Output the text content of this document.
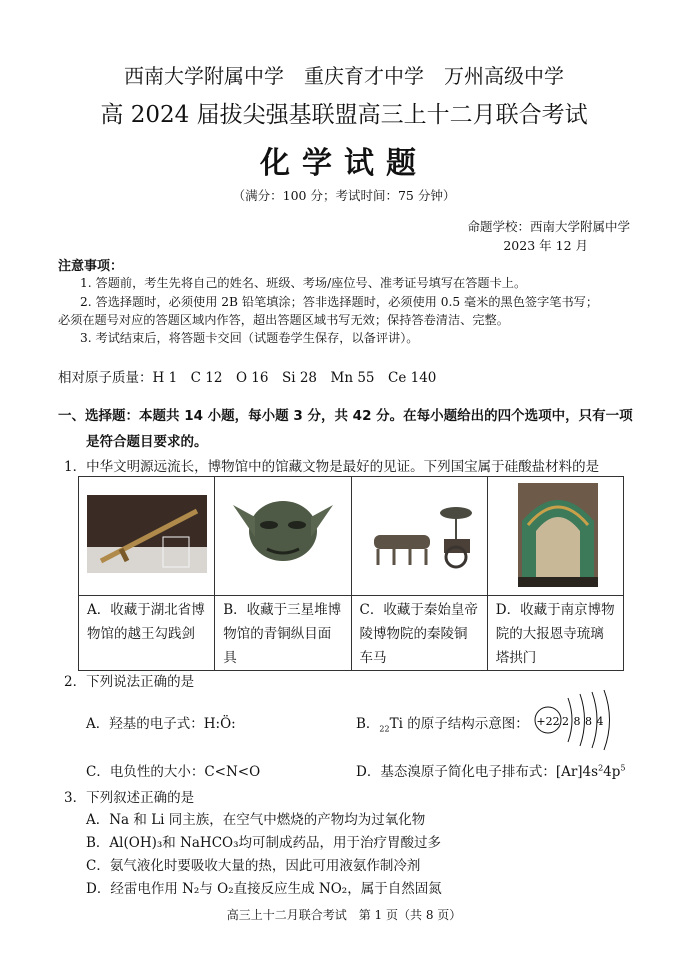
西南大学附属中学　重庆育才中学　万州高级中学
高 2024 届拔尖强基联盟高三上十二月联合考试
化学试题
（满分：100 分；考试时间：75 分钟）
命题学校：西南大学附属中学
2023 年 12 月
注意事项：
1. 答题前，考生先将自己的姓名、班级、考场/座位号、准考证号填写在答题卡上。
2. 答选择题时，必须使用 2B 铅笔填涂；答非选择题时，必须使用 0.5 毫米的黑色签字笔书写；
必须在题号对应的答题区域内作答，超出答题区域书写无效；保持答卷清洁、完整。
3. 考试结束后，将答题卡交回（试题卷学生保存，以备评讲）。
相对原子质量：H 1　C 12　O 16　Si 28　Mn 55　Ce 140
一、选择题：本题共 14 小题，每小题 3 分，共 42 分。在每小题给出的四个选项中，只有一项
是符合题目要求的。
1．中华文明源远流长，博物馆中的馆藏文物是最好的见证。下列国宝属于硅酸盐材料的是

A．收藏于湖北省博物馆的越王勾践剑	B．收藏于三星堆博物馆的青铜纵目面具	C．收藏于秦始皇帝陵博物院的秦陵铜车马	D．收藏于南京博物院的大报恩寺琉璃塔拱门
2．下列说法正确的是
A．羟基的电子式：H:Ö:	B．$_{22}$Ti 的原子结构示意图： +22 2 8 8 4
C．电负性的大小：C<N<O	D．基态溴原子简化电子排布式：$[Ar]4s^24p^5$
3．下列叙述正确的是
A．Na 和 Li 同主族，在空气中燃烧的产物均为过氧化物
B．Al(OH)₃和 NaHCO₃均可制成药品，用于治疗胃酸过多
C．氨气液化时要吸收大量的热，因此可用液氨作制冷剂
D．经雷电作用 N₂与 O₂直接反应生成 NO₂，属于自然固氮
高三上十二月联合考试　第 1 页（共 8 页）
